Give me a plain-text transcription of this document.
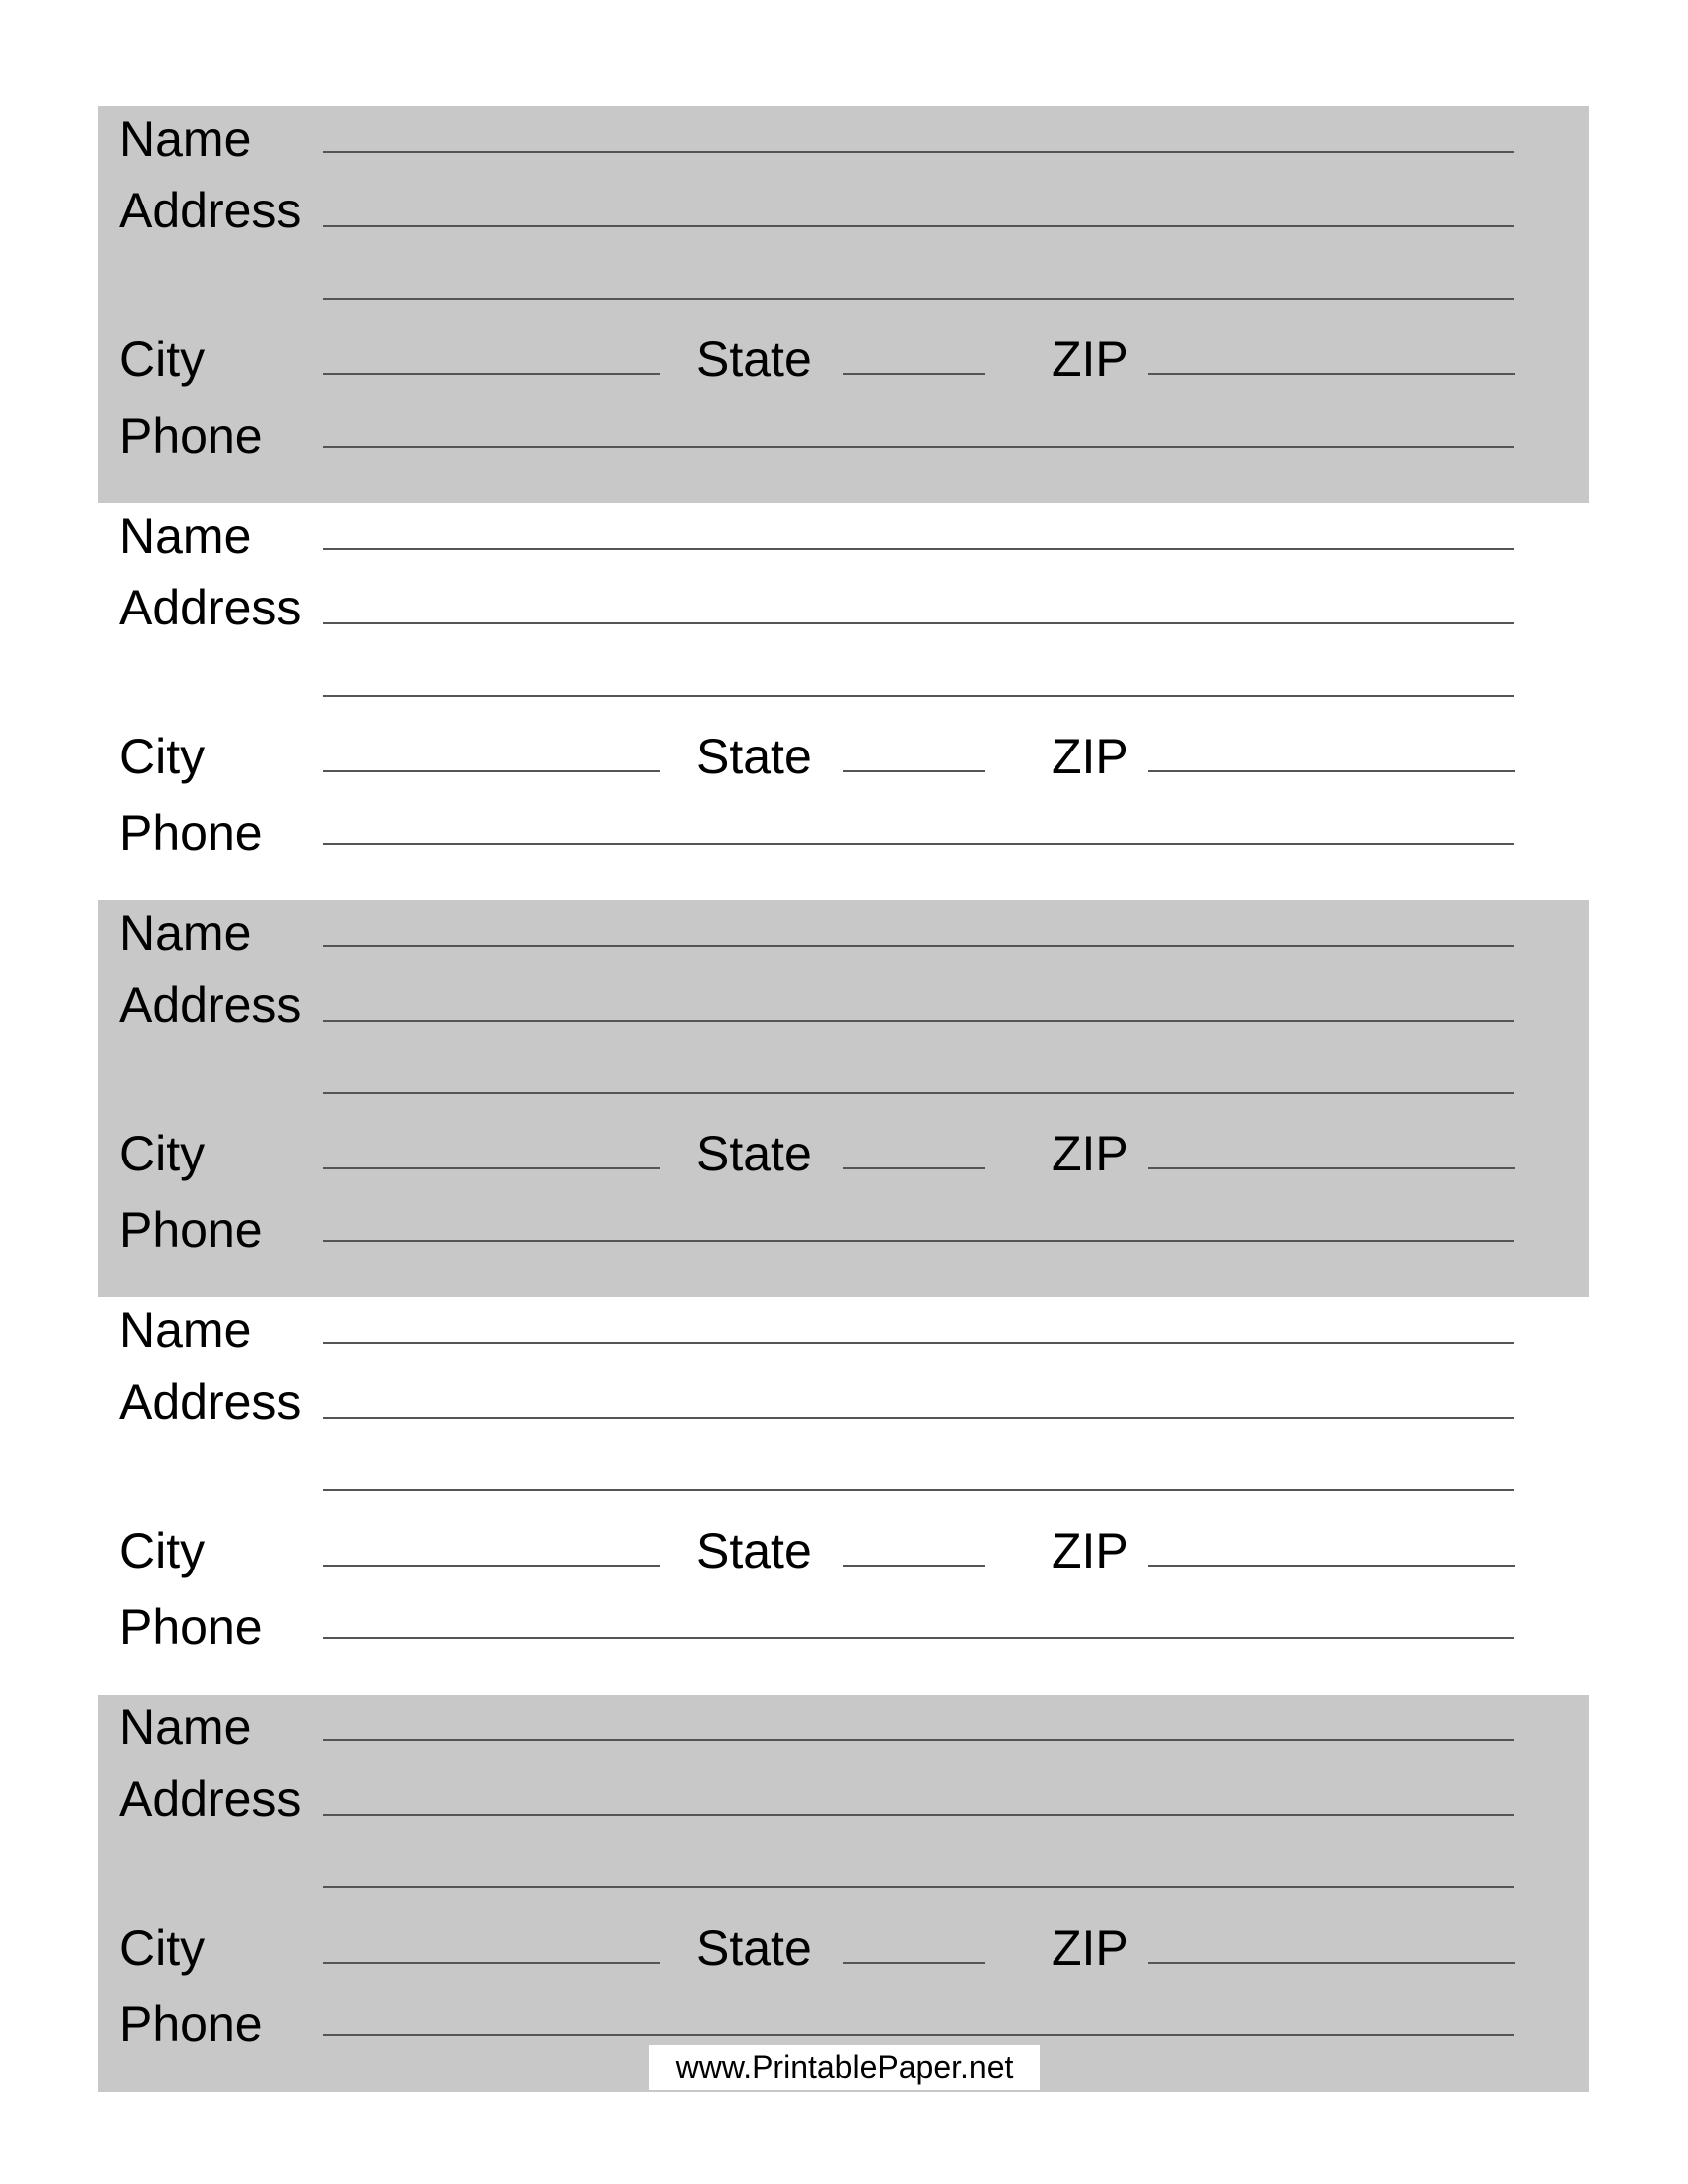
Name
Address
City	State	ZIP
Phone
Name
Address
City	State	ZIP
Phone
Name
Address
City	State	ZIP
Phone
Name
Address
City	State	ZIP
Phone
Name
Address
City	State	ZIP
Phone
www.PrintablePaper.net
